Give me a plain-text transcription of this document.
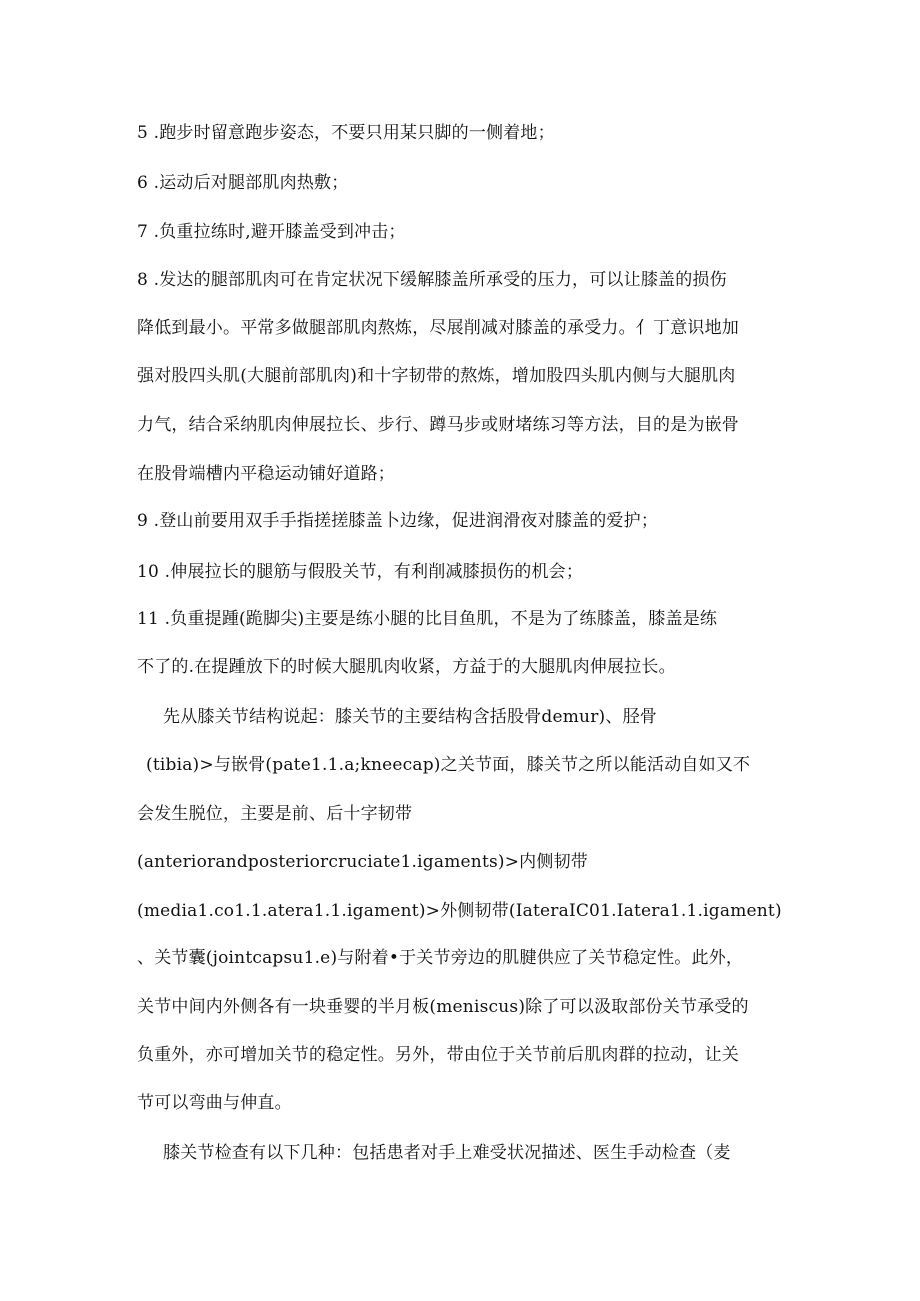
5 .跑步时留意跑步姿态，不要只用某只脚的一侧着地；
6 .运动后对腿部肌肉热敷；
7 .负重拉练时,避开膝盖受到冲击；
8 .发达的腿部肌肉可在肯定状况下缓解膝盖所承受的压力，可以让膝盖的损伤
降低到最小。平常多做腿部肌肉熬炼，尽展削减对膝盖的承受力。亻丁意识地加
强对股四头肌(大腿前部肌肉)和十字韧带的熬炼，增加股四头肌内侧与大腿肌肉
力气，结合采纳肌肉伸展拉长、步行、蹲马步或财堵练习等方法，目的是为嵌骨
在股骨端槽内平稳运动铺好道路；
9 .登山前要用双手手指搓搓膝盖卜边缘，促进润滑夜对膝盖的爱护；
10 .伸展拉长的腿筋与假股关节，有利削减膝损伤的机会；
11 .负重提踵(跪脚尖)主要是练小腿的比目鱼肌，不是为了练膝盖，膝盖是练
不了的.在提踵放下的时候大腿肌肉收紧，方益于的大腿肌肉伸展拉长。
先从膝关节结构说起：膝关节的主要结构含括股骨demur)、胫骨
(tibia)>与嵌骨(pate1.1.a;kneecap)之关节面，膝关节之所以能活动自如又不
会发生脱位，主要是前、后十字韧带
(anteriorandposteriorcruciate1.igaments)>内侧韧带
(media1.co1.1.atera1.1.igament)>外侧韧带(IateraIC01.Iatera1.1.igament)
、关节囊(jointcapsu1.e)与附着•于关节旁边的肌腱供应了关节稳定性。此外，
关节中间内外侧各有一块垂婴的半月板(meniscus)除了可以汲取部份关节承受的
负重外，亦可增加关节的稳定性。另外，带由位于关节前后肌肉群的拉动，让关
节可以弯曲与伸直。
膝关节检查有以下几种：包括患者对手上难受状况描述、医生手动检查（麦
